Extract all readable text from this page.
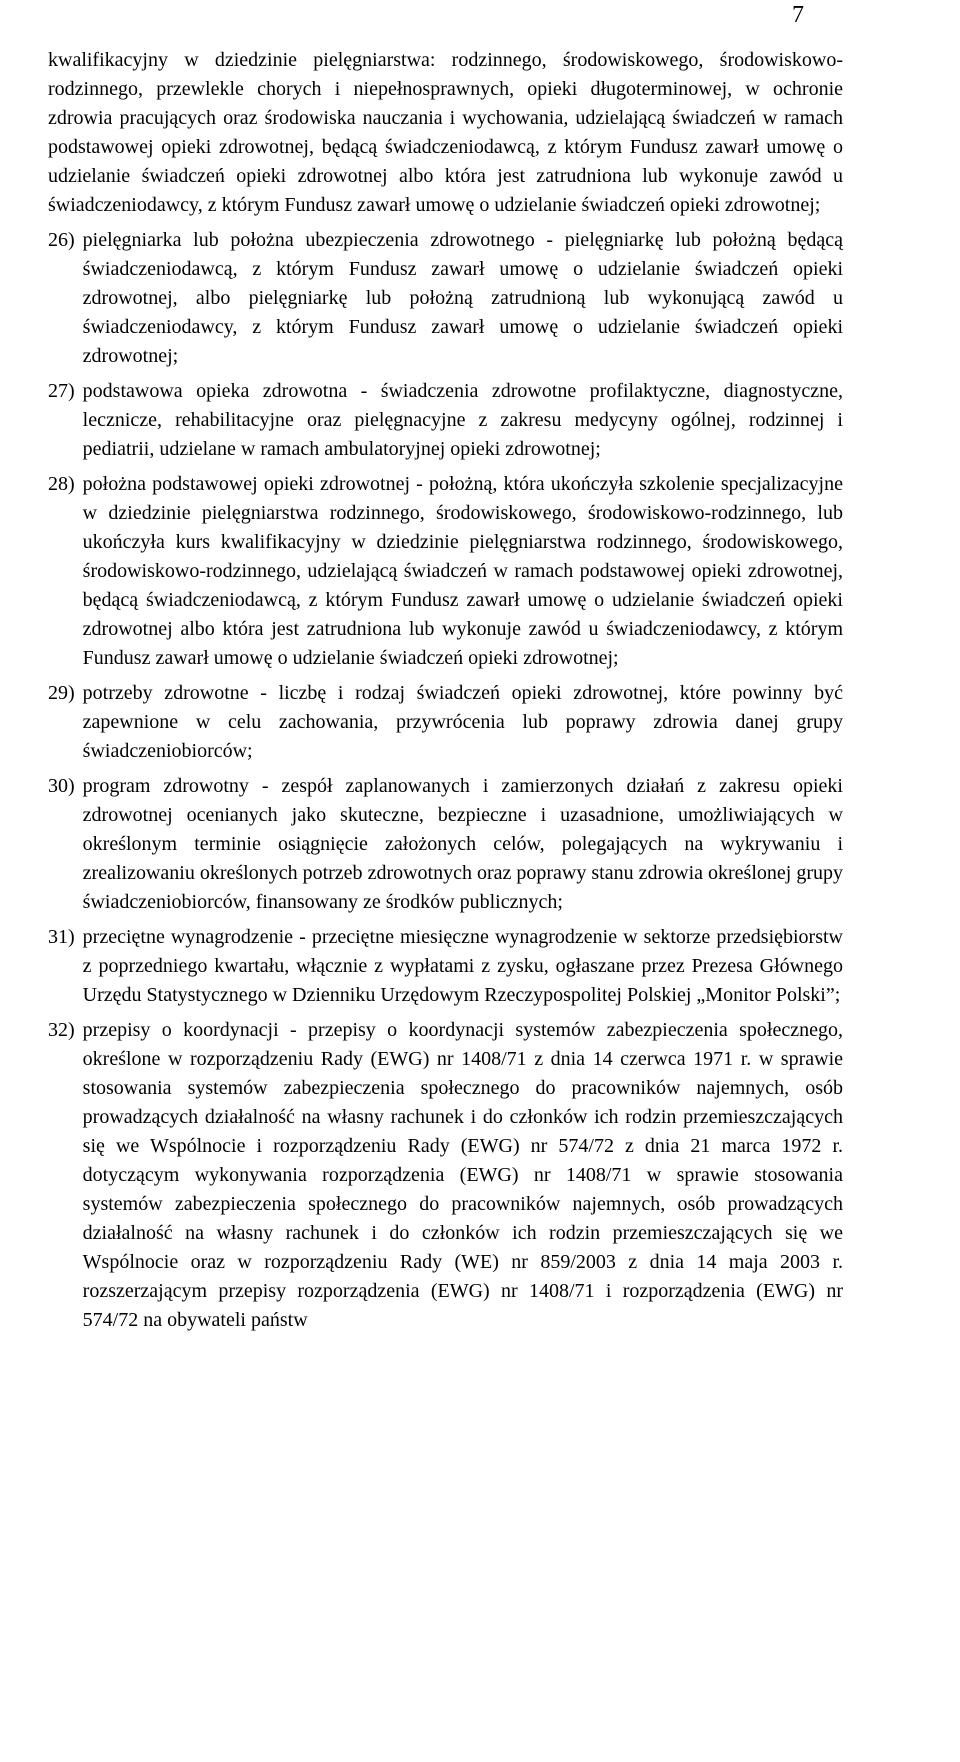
7

kwalifikacyjny w dziedzinie pielęgniarstwa: rodzinnego, środowiskowego, środowiskowo-rodzinnego, przewlekle chorych i niepełnosprawnych, opieki długoterminowej, w ochronie zdrowia pracujących oraz środowiska nauczania i wychowania, udzielającą świadczeń w ramach podstawowej opieki zdrowotnej, będącą świadczeniodawcą, z którym Fundusz zawarł umowę o udzielanie świadczeń opieki zdrowotnej albo która jest zatrudniona lub wykonuje zawód u świadczeniodawcy, z którym Fundusz zawarł umowę o udzielanie świadczeń opieki zdrowotnej;

26) pielęgniarka lub położna ubezpieczenia zdrowotnego - pielęgniarkę lub położną będącą świadczeniodawcą, z którym Fundusz zawarł umowę o udzielanie świadczeń opieki zdrowotnej, albo pielęgniarkę lub położną zatrudnioną lub wykonującą zawód u świadczeniodawcy, z którym Fundusz zawarł umowę o udzielanie świadczeń opieki zdrowotnej;

27) podstawowa opieka zdrowotna - świadczenia zdrowotne profilaktyczne, diagnostyczne, lecznicze, rehabilitacyjne oraz pielęgnacyjne z zakresu medycyny ogólnej, rodzinnej i pediatrii, udzielane w ramach ambulatoryjnej opieki zdrowotnej;

28) położna podstawowej opieki zdrowotnej - położną, która ukończyła szkolenie specjalizacyjne w dziedzinie pielęgniarstwa rodzinnego, środowiskowego, środowiskowo-rodzinnego, lub ukończyła kurs kwalifikacyjny w dziedzinie pielęgniarstwa rodzinnego, środowiskowego, środowiskowo-rodzinnego, udzielającą świadczeń w ramach podstawowej opieki zdrowotnej, będącą świadczeniodawcą, z którym Fundusz zawarł umowę o udzielanie świadczeń opieki zdrowotnej albo która jest zatrudniona lub wykonuje zawód u świadczeniodawcy, z którym Fundusz zawarł umowę o udzielanie świadczeń opieki zdrowotnej;

29) potrzeby zdrowotne - liczbę i rodzaj świadczeń opieki zdrowotnej, które powinny być zapewnione w celu zachowania, przywrócenia lub poprawy zdrowia danej grupy świadczeniobiorców;

30) program zdrowotny - zespół zaplanowanych i zamierzonych działań z zakresu opieki zdrowotnej ocenianych jako skuteczne, bezpieczne i uzasadnione, umożliwiających w określonym terminie osiągnięcie założonych celów, polegających na wykrywaniu i zrealizowaniu określonych potrzeb zdrowotnych oraz poprawy stanu zdrowia określonej grupy świadczeniobiorców, finansowany ze środków publicznych;

31) przeciętne wynagrodzenie - przeciętne miesięczne wynagrodzenie w sektorze przedsiębiorstw z poprzedniego kwartału, włącznie z wypłatami z zysku, ogłaszane przez Prezesa Głównego Urzędu Statystycznego w Dzienniku Urzędowym Rzeczypospolitej Polskiej „Monitor Polski”;

32) przepisy o koordynacji - przepisy o koordynacji systemów zabezpieczenia społecznego, określone w rozporządzeniu Rady (EWG) nr 1408/71 z dnia 14 czerwca 1971 r. w sprawie stosowania systemów zabezpieczenia społecznego do pracowników najemnych, osób prowadzących działalność na własny rachunek i do członków ich rodzin przemieszczających się we Wspólnocie i rozporządzeniu Rady (EWG) nr 574/72 z dnia 21 marca 1972 r. dotyczącym wykonywania rozporządzenia (EWG) nr 1408/71 w sprawie stosowania systemów zabezpieczenia społecznego do pracowników najemnych, osób prowadzących działalność na własny rachunek i do członków ich rodzin przemieszczających się we Wspólnocie oraz w rozporządzeniu Rady (WE) nr 859/2003 z dnia 14 maja 2003 r. rozszerzającym przepisy rozporządzenia (EWG) nr 1408/71 i rozporządzenia (EWG) nr 574/72 na obywateli państw
